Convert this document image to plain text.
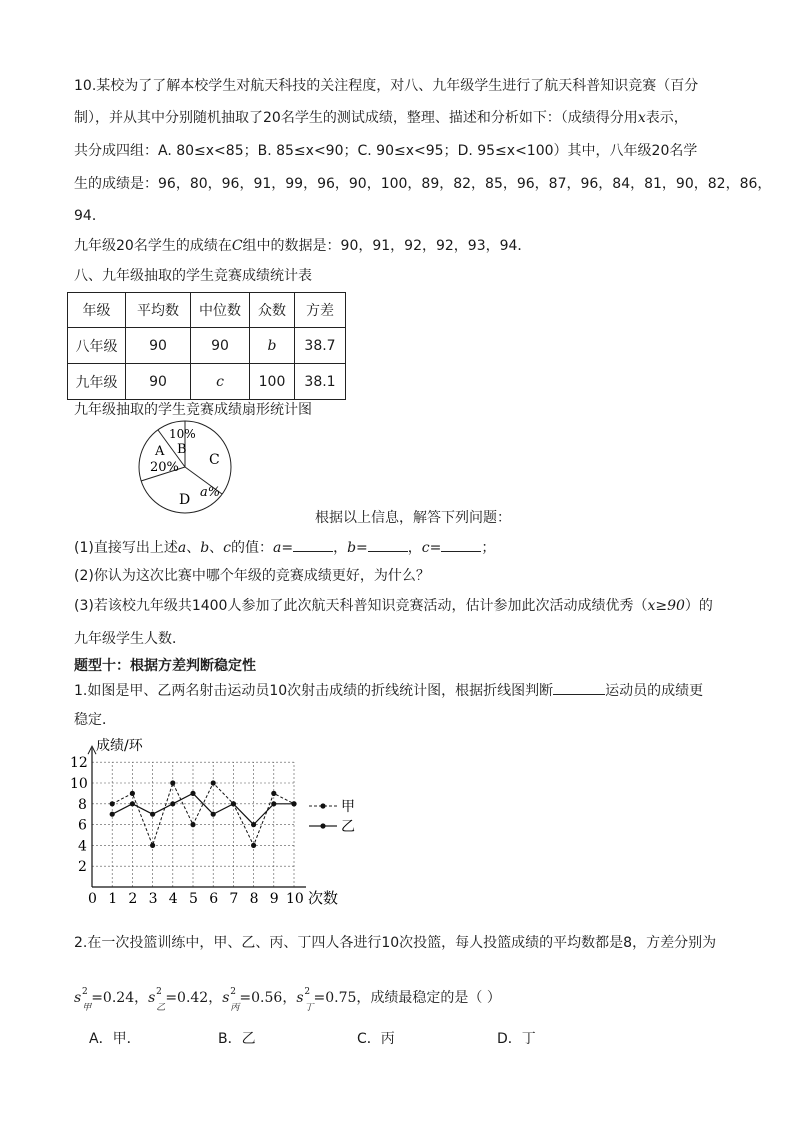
10.某校为了了解本校学生对航天科技的关注程度，对八、九年级学生进行了航天科普知识竞赛（百分
制），并从其中分别随机抽取了20名学生的测试成绩，整理、描述和分析如下：（成绩得分用x表示，
共分成四组：A. 80≤x<85；B. 85≤x<90；C. 90≤x<95；D. 95≤x<100）其中，八年级20名学
生的成绩是：96，80，96，91，99，96，90，100，89，82，85，96，87，96，84，81，90，82，86，
94．
九年级20名学生的成绩在C组中的数据是：90，91，92，92，93，94．
八、九年级抽取的学生竞赛成绩统计表
年级	平均数	中位数	众数	方差
八年级	90	90	b	38.7
九年级	90	c	100	38.1
九年级抽取的学生竞赛成绩扇形统计图
10%
B
A
20% C
D a%
根据以上信息，解答下列问题：
(1)直接写出上述a、b、c的值：a=	，b=	，c=	；
(2)你认为这次比赛中哪个年级的竞赛成绩更好，为什么？
(3)若该校九年级共1400人参加了此次航天科普知识竞赛活动，估计参加此次活动成绩优秀（x≥90）的
九年级学生人数．
题型十：根据方差判断稳定性
1.如图是甲、乙两名射击运动员10次射击成绩的折线统计图，根据折线图判断	运动员的成绩更
稳定．
0 1 2 3 4 5 6 7 8 9 10
2
4
6
8
10
12
成绩/环
次数
甲
乙
2.在一次投篮训练中，甲、乙、丙、丁四人各进行10次投篮，每人投篮成绩的平均数都是8，方差分别为
s 2
$_甲$=0.24，s 2
$_乙$=0.42，s 2
$_丙$=0.56，s 2
$_丁$=0.75，成绩最稳定的是（ ）
A．甲．	B．乙	C．丙	D．丁
